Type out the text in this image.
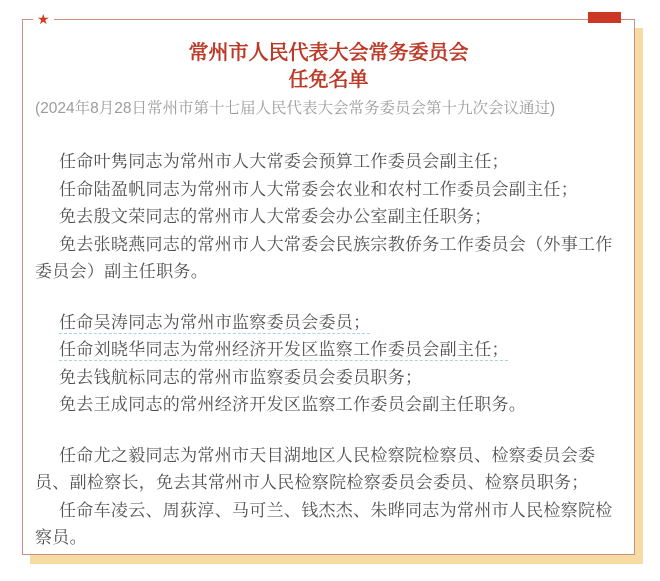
★
常州市人民代表大会常务委员会
任免名单

(2024年8月28日常州市第十七届人民代表大会常务委员会第十九次会议通过)

任命叶隽同志为常州市人大常委会预算工作委员会副主任；

任命陆盈帆同志为常州市人大常委会农业和农村工作委员会副主任；

免去殷文荣同志的常州市人大常委会办公室副主任职务；

免去张晓燕同志的常州市人大常委会民族宗教侨务工作委员会（外事工作委员会）副主任职务。

任命吴涛同志为常州市监察委员会委员；

任命刘晓华同志为常州经济开发区监察工作委员会副主任；

免去钱航标同志的常州市监察委员会委员职务；

免去王成同志的常州经济开发区监察工作委员会副主任职务。

任命尤之毅同志为常州市天目湖地区人民检察院检察员、检察委员会委员、副检察长，免去其常州市人民检察院检察委员会委员、检察员职务；

任命车凌云、周荻淳、马可兰、钱杰杰、朱晔同志为常州市人民检察院检察员。
